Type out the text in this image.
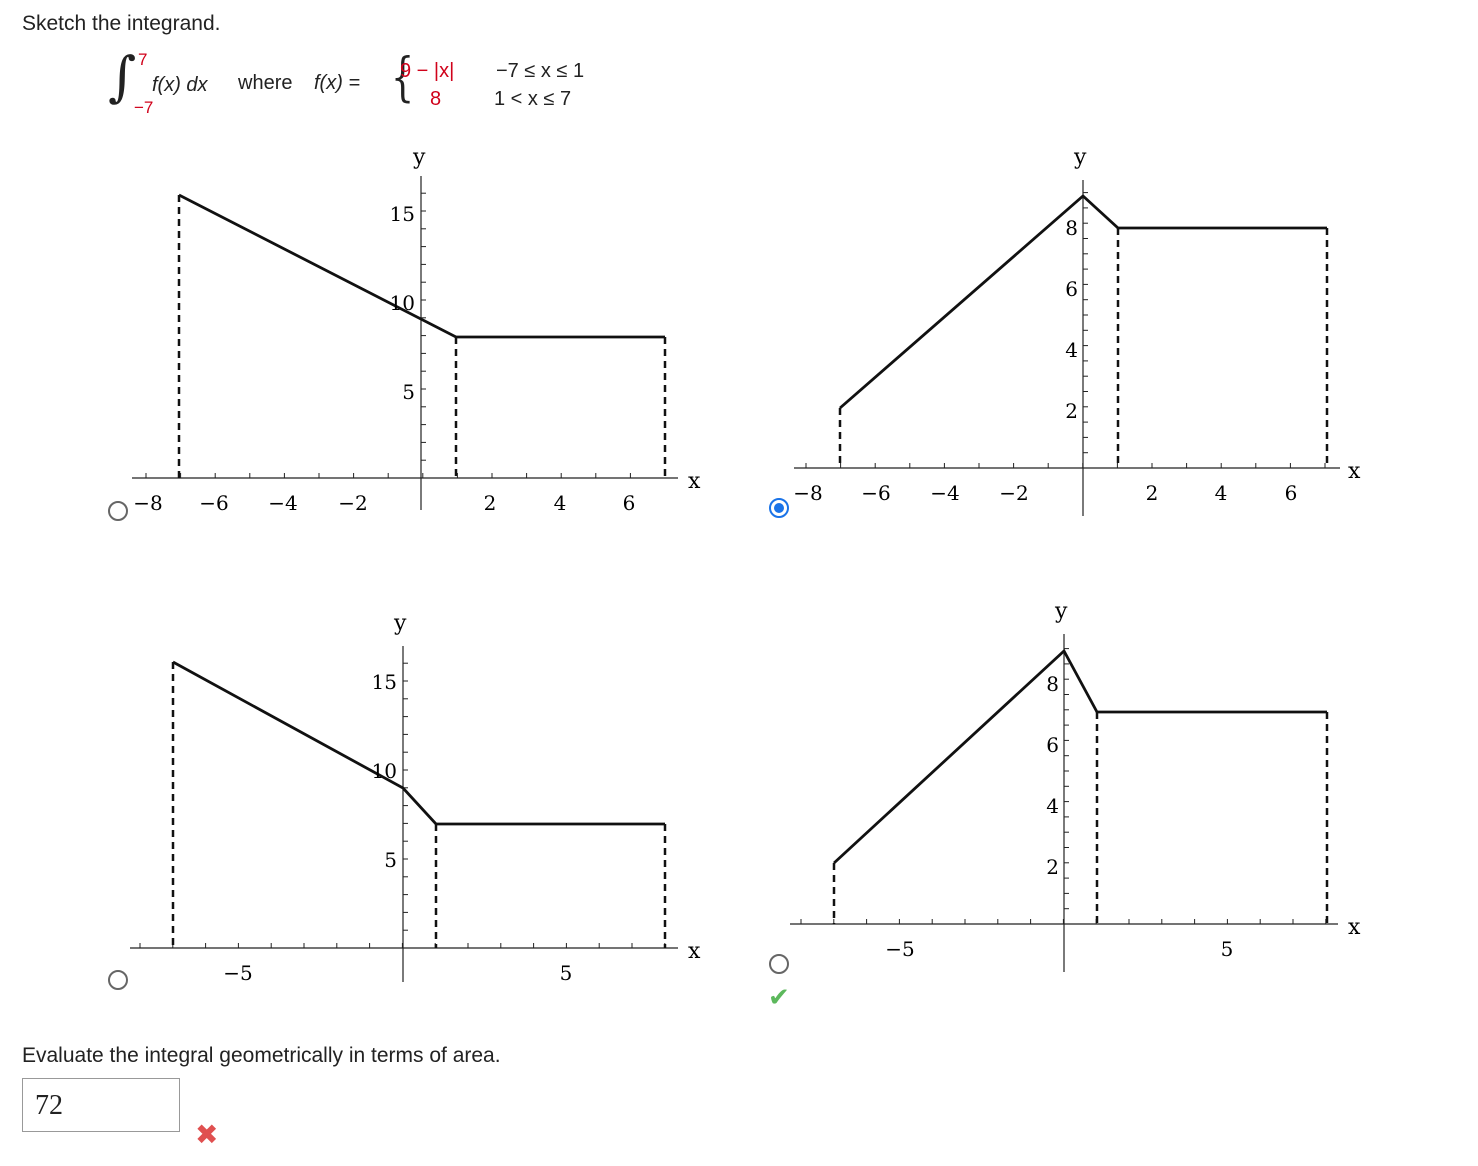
Sketch the integrand.
∫ 7
−7
f(x) dx where f(x) = {
9 − |x| −7 ≤ x ≤ 1
8	1 < x ≤ 7
y
x
−8 −6 −4 −2	2	4	6
5
10
15
y
x
−8 −6 −4 −2	2	4	6
2
4
6
8
y
x
−5	5
5
10
15
✔
y
x
−5	5
2
4
6
8
Evaluate the integral geometrically in terms of area.
72
✖
